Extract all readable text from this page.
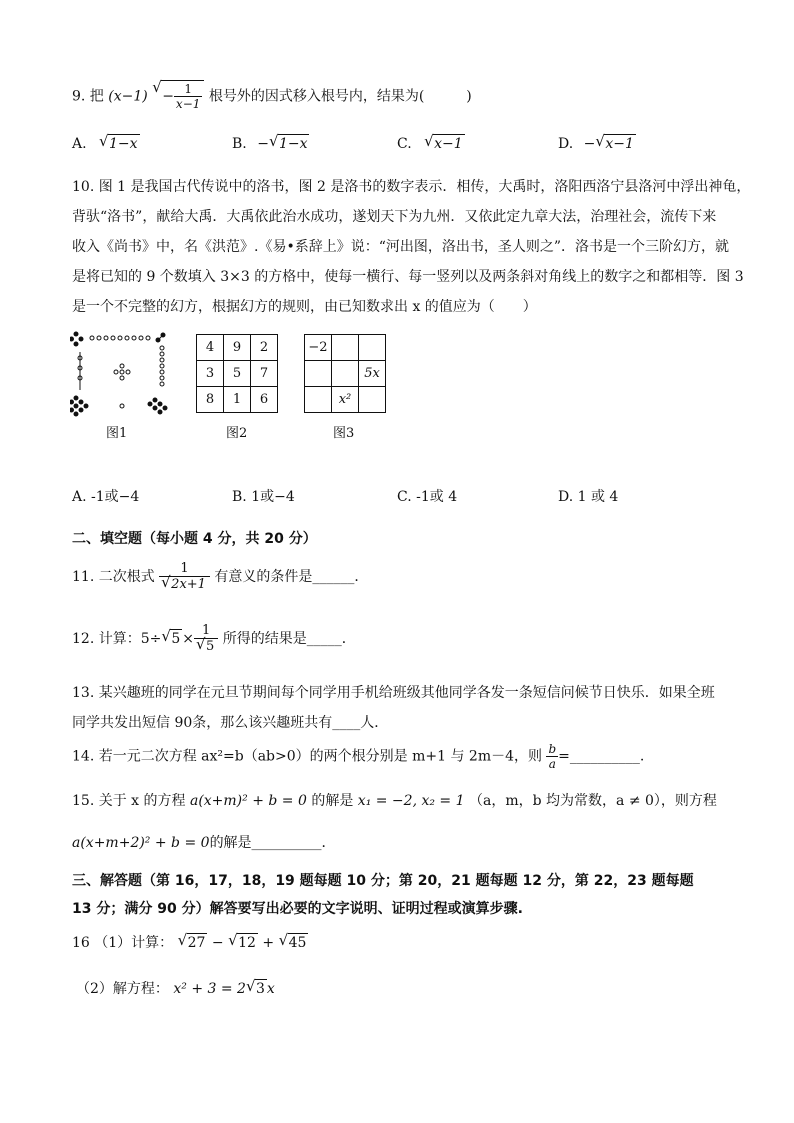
9. 把 (x−1)
√
− $\frac{1}{x-1}$ 根号外的因式移入根号内，结果为(　　　)
A. √ 1−x	B. − √ 1−x	C. √ x−1	D. − √ x−1
10. 图 1 是我国古代传说中的洛书，图 2 是洛书的数字表示．相传，大禹时，洛阳西洛宁县洛河中浮出神龟，
背驮“洛书”，献给大禹．大禹依此治水成功，遂划天下为九州．又依此定九章大法，治理社会，流传下来
收入《尚书》中，名《洪范》.《易•系辞上》说：“河出图，洛出书，圣人则之”．洛书是一个三阶幻方，就
是将已知的 9 个数填入 3×3 的方格中，使每一横行、每一竖列以及两条斜对角线上的数字之和都相等．图 3
是一个不完整的幻方，根据幻方的规则，由已知数求出 x 的值应为（　　）
图1
4	9	2
3	5	7
8	1	6
图2
−2		
		5x
	x²	
图3
A. -1或−4	B. 1或−4	C. -1或 4	D. 1 或 4
二、填空题（每小题 4 分，共 20 分）
11. 二次根式 $\frac{1}{√ 2x+1}$ 有意义的条件是______．
12. 计算：5÷ √ $5 \times \frac{1}{√ 5}$ 所得的结果是_____．
13. 某兴趣班的同学在元旦节期间每个同学用手机给班级其他同学各发一条短信问候节日快乐．如果全班
同学共发出短信 90条，那么该兴趣班共有____人．
14. 若一元二次方程 ax²=b（ab>0）的两个根分别是 m+1 与 2m－4，则 $\frac{b}{a}$ =__________.
15. 关于 x 的方程 a(x+m)² + b = 0 的解是 x₁ = −2, x₂ = 1 （a，m，b 均为常数，a ≠ 0），则方程
a(x+m+2)² + b = 0的解是__________．
三、解答题（第 16，17，18，19 题每题 10 分；第 20，21 题每题 12 分，第 22，23 题每题
13 分；满分 90 分）解答要写出必要的文字说明、证明过程或演算步骤.
16 （1）计算： √ 27 − √ 12 + √ 45
（2）解方程： x² + 3 = 2 √ 3 x
